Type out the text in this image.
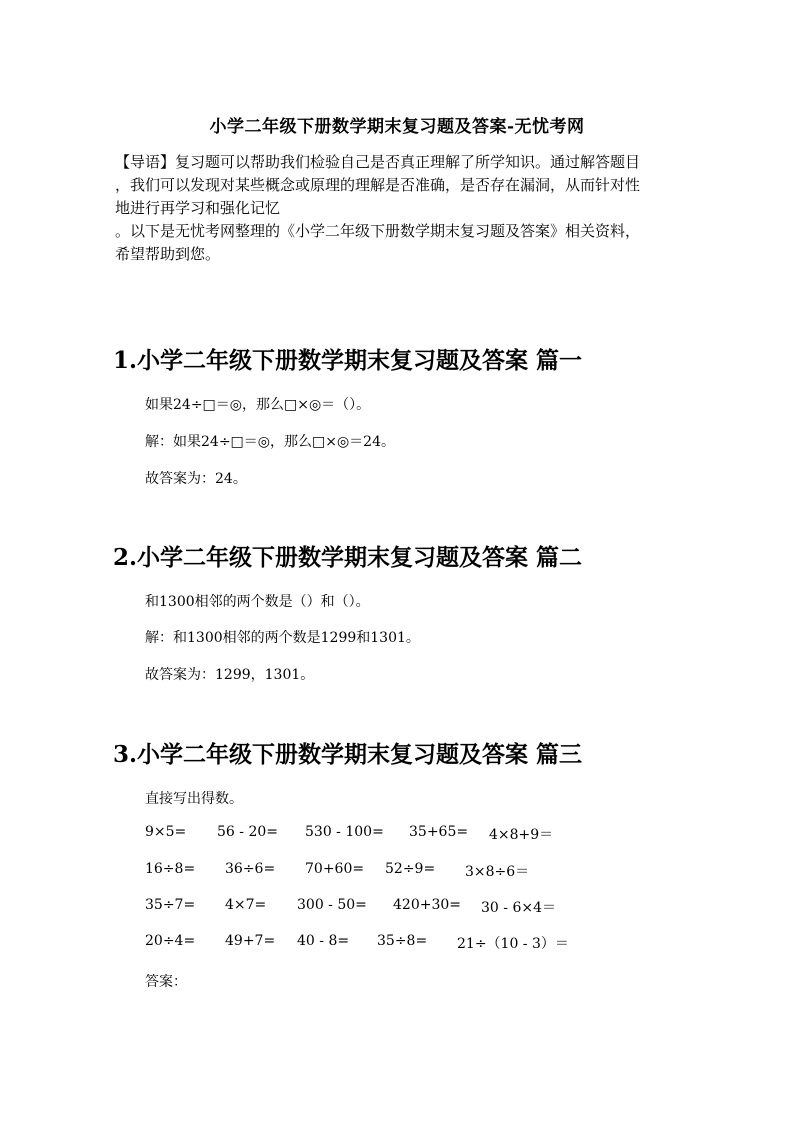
小学二年级下册数学期末复习题及答案-无忧考网
【导语】复习题可以帮助我们检验自己是否真正理解了所学知识。通过解答题目
，我们可以发现对某些概念或原理的理解是否准确，是否存在漏洞，从而针对性
地进行再学习和强化记忆
。以下是无忧考网整理的《小学二年级下册数学期末复习题及答案》相关资料，
希望帮助到您。
1.小学二年级下册数学期末复习题及答案 篇一
如果24÷□＝◎，那么□×◎＝（）。
解：如果24÷□＝◎，那么□×◎＝24。
故答案为：24。
2.小学二年级下册数学期末复习题及答案 篇二
和1300相邻的两个数是（）和（）。
解：和1300相邻的两个数是1299和1301。
故答案为：1299，1301。
3.小学二年级下册数学期末复习题及答案 篇三
直接写出得数。
9×5= 56 - 20= 530 - 100= 35+65= 4×8+9＝
16÷8= 36÷6= 70+60= 52÷9= 3×8÷6＝
35÷7= 4×7= 300 - 50= 420+30= 30 - 6×4＝
20÷4= 49+7= 40 - 8= 35÷8= 21÷（10 - 3）＝
答案：
